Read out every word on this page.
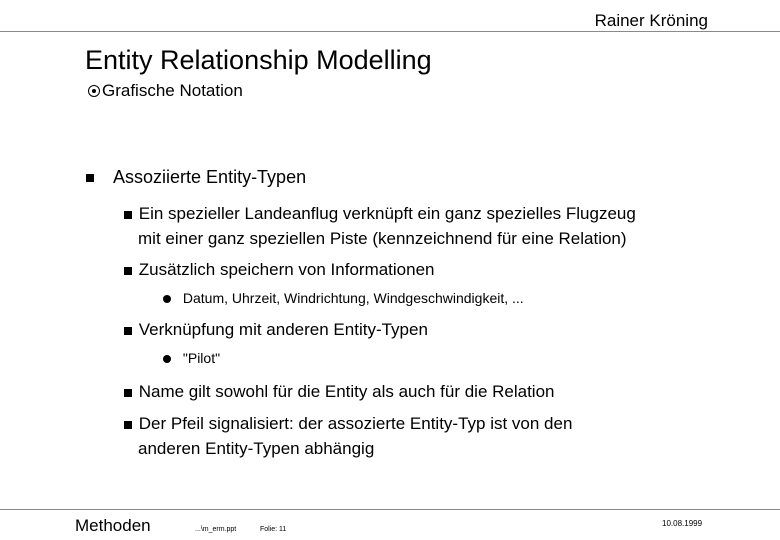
Rainer Kröning
Entity Relationship Modelling
Grafische Notation
Assoziierte Entity-Typen
Ein spezieller Landeanflug verknüpft ein ganz spezielles Flugzeug
mit einer ganz speziellen Piste (kennzeichnend für eine Relation)
Zusätzlich speichern von Informationen
Datum, Uhrzeit, Windrichtung, Windgeschwindigkeit, ...
Verknüpfung mit anderen Entity-Typen
"Pilot"
Name gilt sowohl für die Entity als auch für die Relation
Der Pfeil signalisiert: der assozierte Entity-Typ ist von den
anderen Entity-Typen abhängig
Methoden	...\m_erm.ppt	Folie: 11
10.08.1999
